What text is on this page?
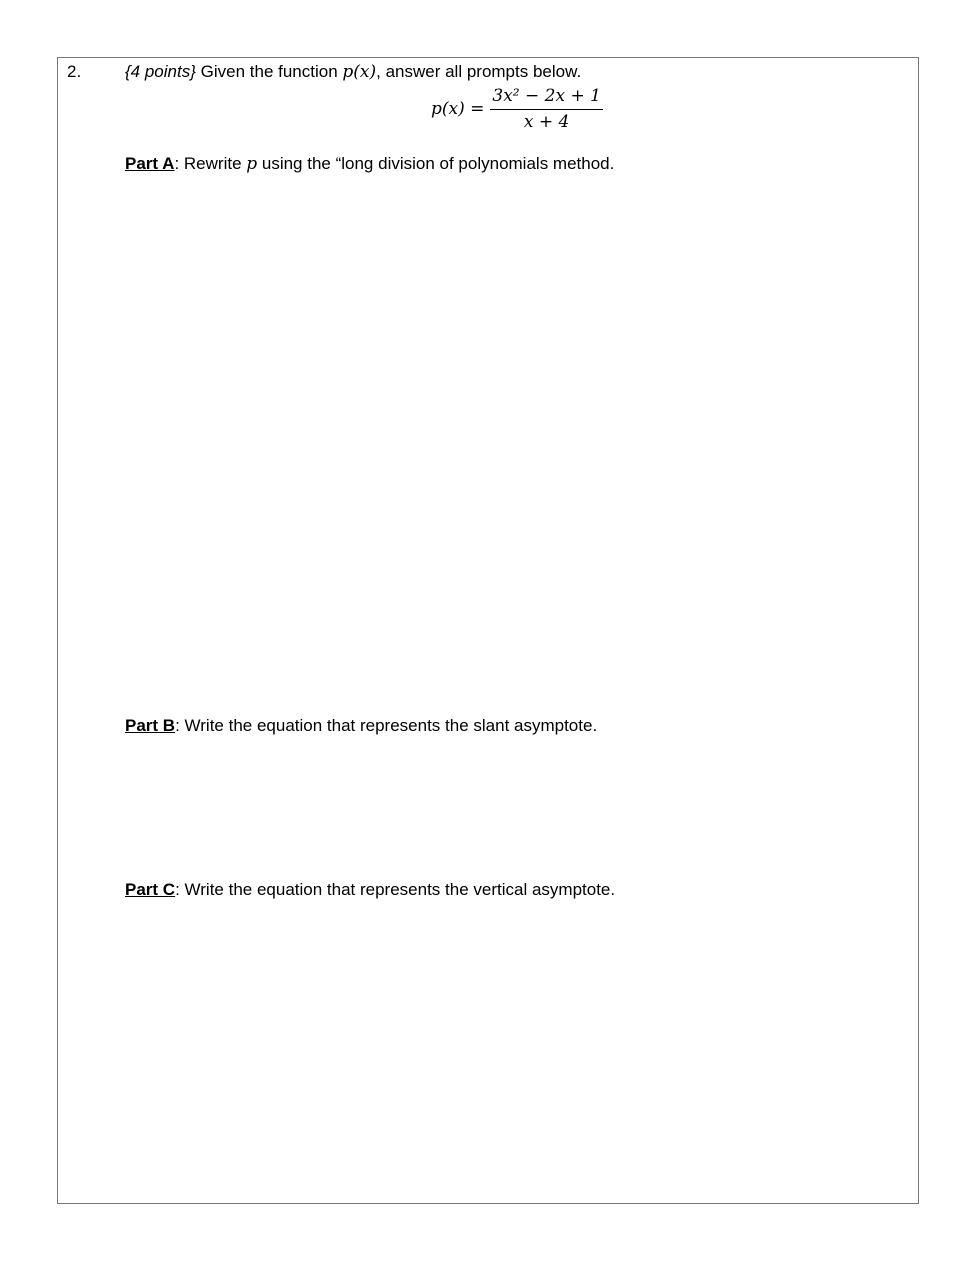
2.	{4 points} Given the function p(x), answer all prompts below.
$p(x) = \frac{\text{3x² − 2x + 1}}{x + 4}$
Part A: Rewrite p using the “long division of polynomials method.
Part B: Write the equation that represents the slant asymptote.
Part C: Write the equation that represents the vertical asymptote.
